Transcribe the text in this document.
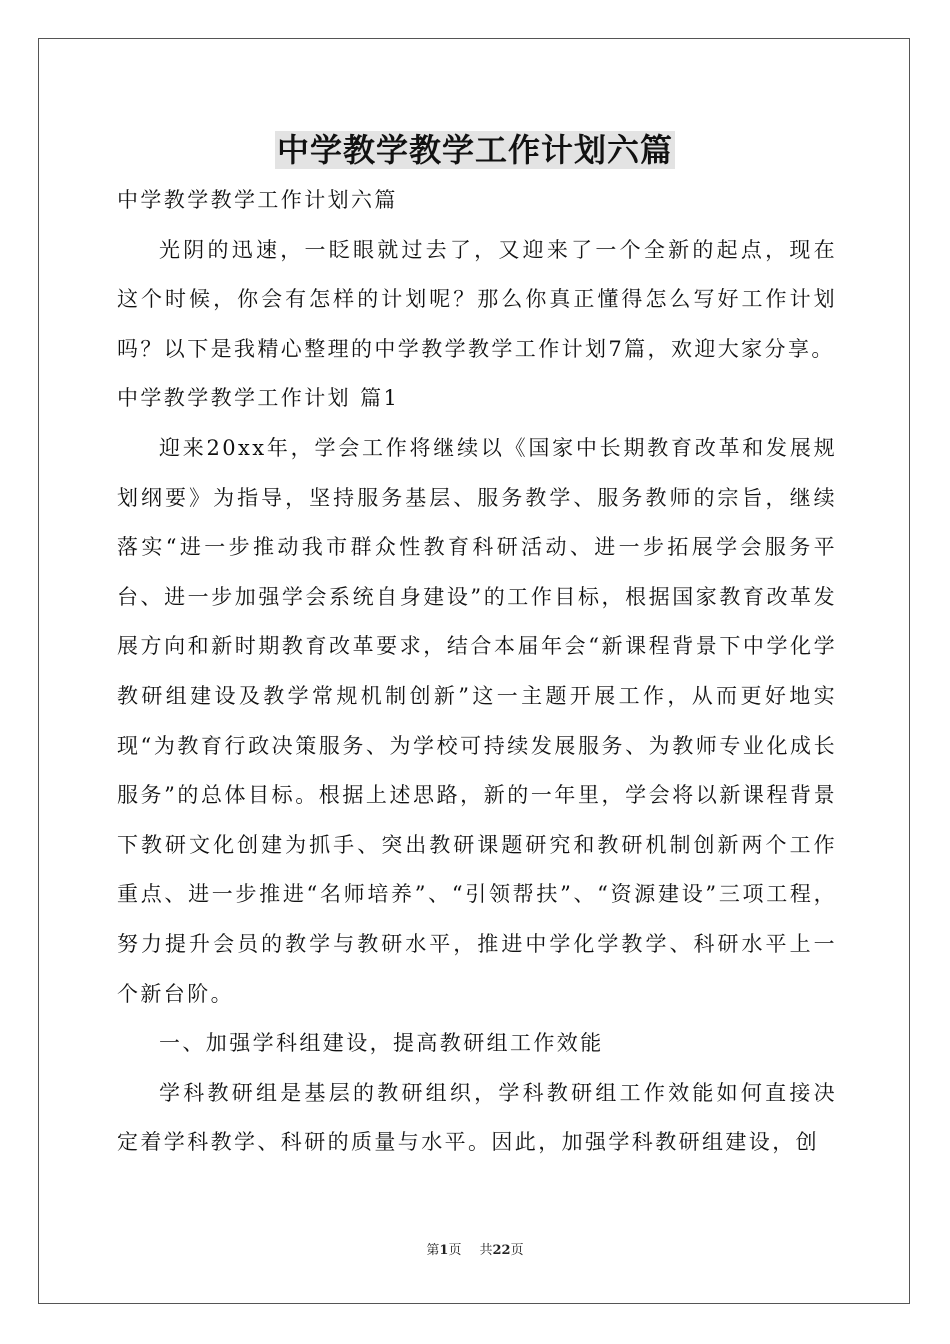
中学教学教学工作计划六篇

中学教学教学工作计划六篇

光阴的迅速，一眨眼就过去了，又迎来了一个全新的起点，现在这个时候，你会有怎样的计划呢？那么你真正懂得怎么写好工作计划吗？以下是我精心整理的中学教学教学工作计划7篇，欢迎大家分享。

中学教学教学工作计划 篇1

迎来20xx年，学会工作将继续以《国家中长期教育改革和发展规划纲要》为指导，坚持服务基层、服务教学、服务教师的宗旨，继续落实“进一步推动我市群众性教育科研活动、进一步拓展学会服务平台、进一步加强学会系统自身建设”的工作目标，根据国家教育改革发展方向和新时期教育改革要求，结合本届年会“新课程背景下中学化学教研组建设及教学常规机制创新”这一主题开展工作，从而更好地实现“为教育行政决策服务、为学校可持续发展服务、为教师专业化成长服务”的总体目标。根据上述思路，新的一年里，学会将以新课程背景下教研文化创建为抓手、突出教研课题研究和教研机制创新两个工作重点、进一步推进“名师培养”、“引领帮扶”、“资源建设”三项工程，努力提升会员的教学与教研水平，推进中学化学教学、科研水平上一个新台阶。

一、加强学科组建设，提高教研组工作效能

学科教研组是基层的教研组织，学科教研组工作效能如何直接决定着学科教学、科研的质量与水平。因此，加强学科教研组建设，创

第1页 共22页
